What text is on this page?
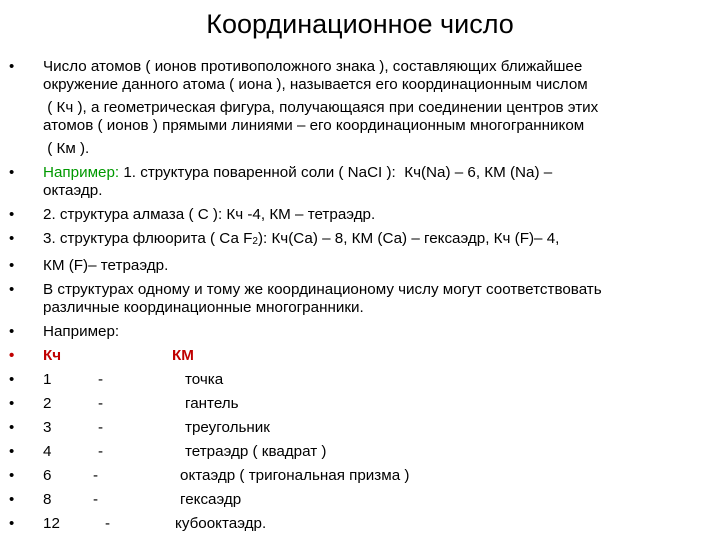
Координационное число
• Число атомов ( ионов противоположного знака ), составляющих ближайшее
окружение данного атома ( иона ), называется его координационным числом
( Кч ), а геометрическая фигура, получающаяся при соединении центров этих
атомов ( ионов ) прямыми линиями – его координационным многогранником
( Км ).
• Например: 1. структура поваренной соли ( NaCI ):  Кч(Na) – 6, КМ (Na) –
октаэдр.
• 2. структура алмаза ( С ): Кч -4, КМ – тетраэдр.
• 3. структура флюорита ( Са F2): Кч(Са) – 8, КМ (Са) – гексаэдр, Кч (F)– 4,
• КМ (F)– тетраэдр.
• В структурах одному и тому же координационому числу могут соответствовать
различные координационные многогранники.
• Например:
• Кч	КМ
• 1	-	точка
• 2	-	гантель
• 3	-	треугольник
• 4	-	тетраэдр ( квадрат )
• 6	-	октаэдр ( тригональная призма )
• 8	-	гексаэдр
• 12	-	кубооктаэдр.
